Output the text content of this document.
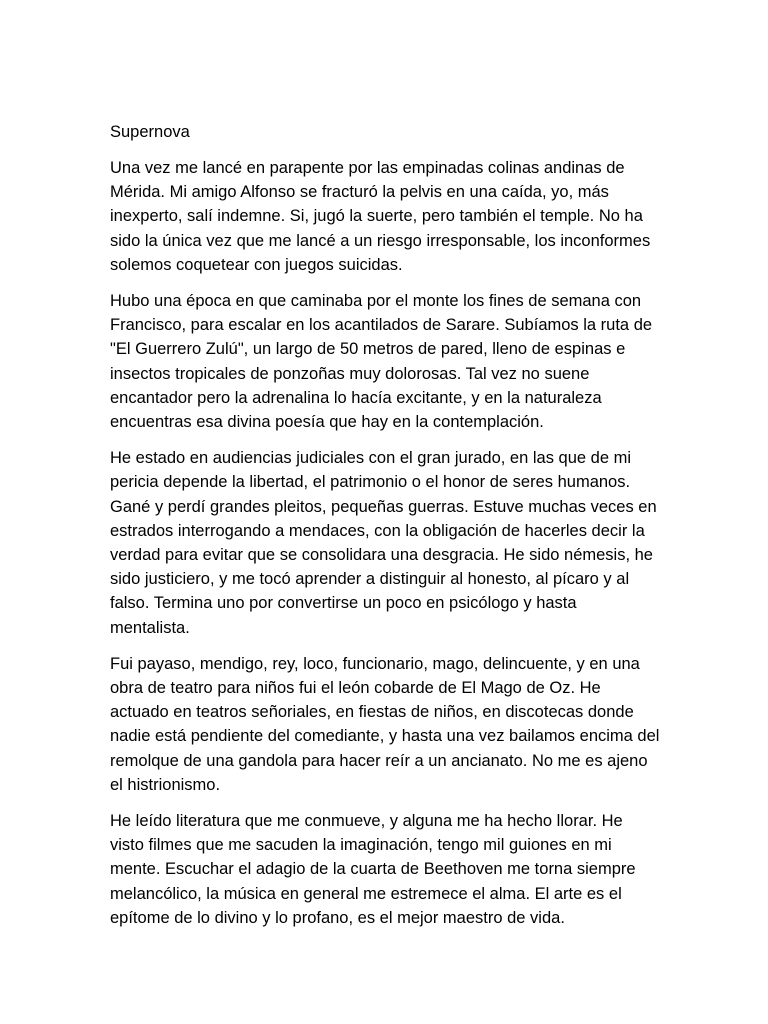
Supernova

Una vez me lancé en parapente por las empinadas colinas andinas de
Mérida. Mi amigo Alfonso se fracturó la pelvis en una caída, yo, más
inexperto, salí indemne. Si, jugó la suerte, pero también el temple. No ha
sido la única vez que me lancé a un riesgo irresponsable, los inconformes
solemos coquetear con juegos suicidas.

Hubo una época en que caminaba por el monte los fines de semana con
Francisco, para escalar en los acantilados de Sarare. Subíamos la ruta de
"El Guerrero Zulú", un largo de 50 metros de pared, lleno de espinas e
insectos tropicales de ponzoñas muy dolorosas. Tal vez no suene
encantador pero la adrenalina lo hacía excitante, y en la naturaleza
encuentras esa divina poesía que hay en la contemplación.

He estado en audiencias judiciales con el gran jurado, en las que de mi
pericia depende la libertad, el patrimonio o el honor de seres humanos.
Gané y perdí grandes pleitos, pequeñas guerras. Estuve muchas veces en
estrados interrogando a mendaces, con la obligación de hacerles decir la
verdad para evitar que se consolidara una desgracia. He sido némesis, he
sido justiciero, y me tocó aprender a distinguir al honesto, al pícaro y al
falso. Termina uno por convertirse un poco en psicólogo y hasta
mentalista.

Fui payaso, mendigo, rey, loco, funcionario, mago, delincuente, y en una
obra de teatro para niños fui el león cobarde de El Mago de Oz. He
actuado en teatros señoriales, en fiestas de niños, en discotecas donde
nadie está pendiente del comediante, y hasta una vez bailamos encima del
remolque de una gandola para hacer reír a un ancianato. No me es ajeno
el histrionismo.

He leído literatura que me conmueve, y alguna me ha hecho llorar. He
visto filmes que me sacuden la imaginación, tengo mil guiones en mi
mente. Escuchar el adagio de la cuarta de Beethoven me torna siempre
melancólico, la música en general me estremece el alma. El arte es el
epítome de lo divino y lo profano, es el mejor maestro de vida.
